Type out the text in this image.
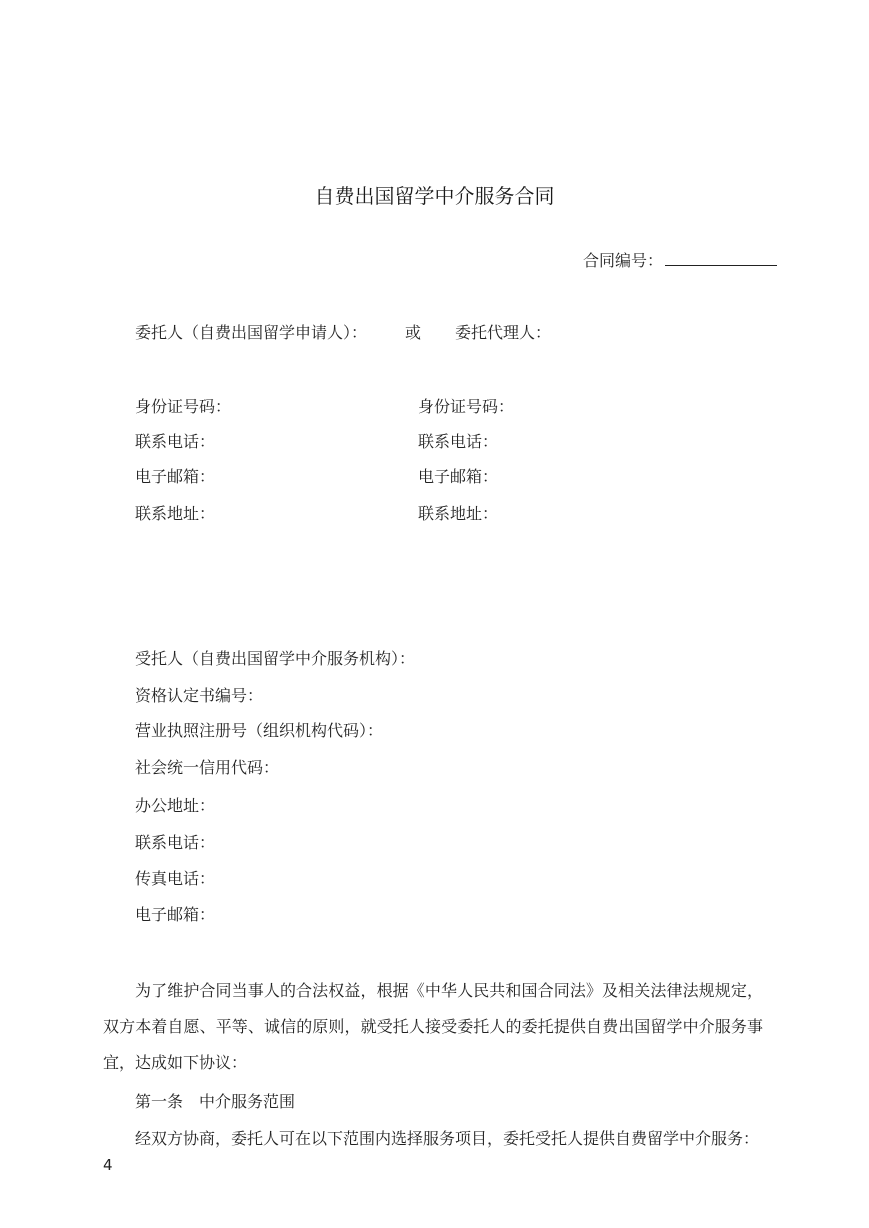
自费出国留学中介服务合同
合同编号：
委托人（自费出国留学申请人）： 或 委托代理人：
身份证号码：
联系电话：
电子邮箱：
联系地址：
身份证号码：
联系电话：
电子邮箱：
联系地址：
受托人（自费出国留学中介服务机构）：
资格认定书编号：
营业执照注册号（组织机构代码）：
社会统一信用代码：
办公地址：
联系电话：
传真电话：
电子邮箱：
为了维护合同当事人的合法权益，根据《中华人民共和国合同法》及相关法律法规规定，双方本着自愿、平等、诚信的原则，就受托人接受委托人的委托提供自费出国留学中介服务事宜，达成如下协议：
第一条　中介服务范围
经双方协商，委托人可在以下范围内选择服务项目，委托受托人提供自费留学中介服务：
4
